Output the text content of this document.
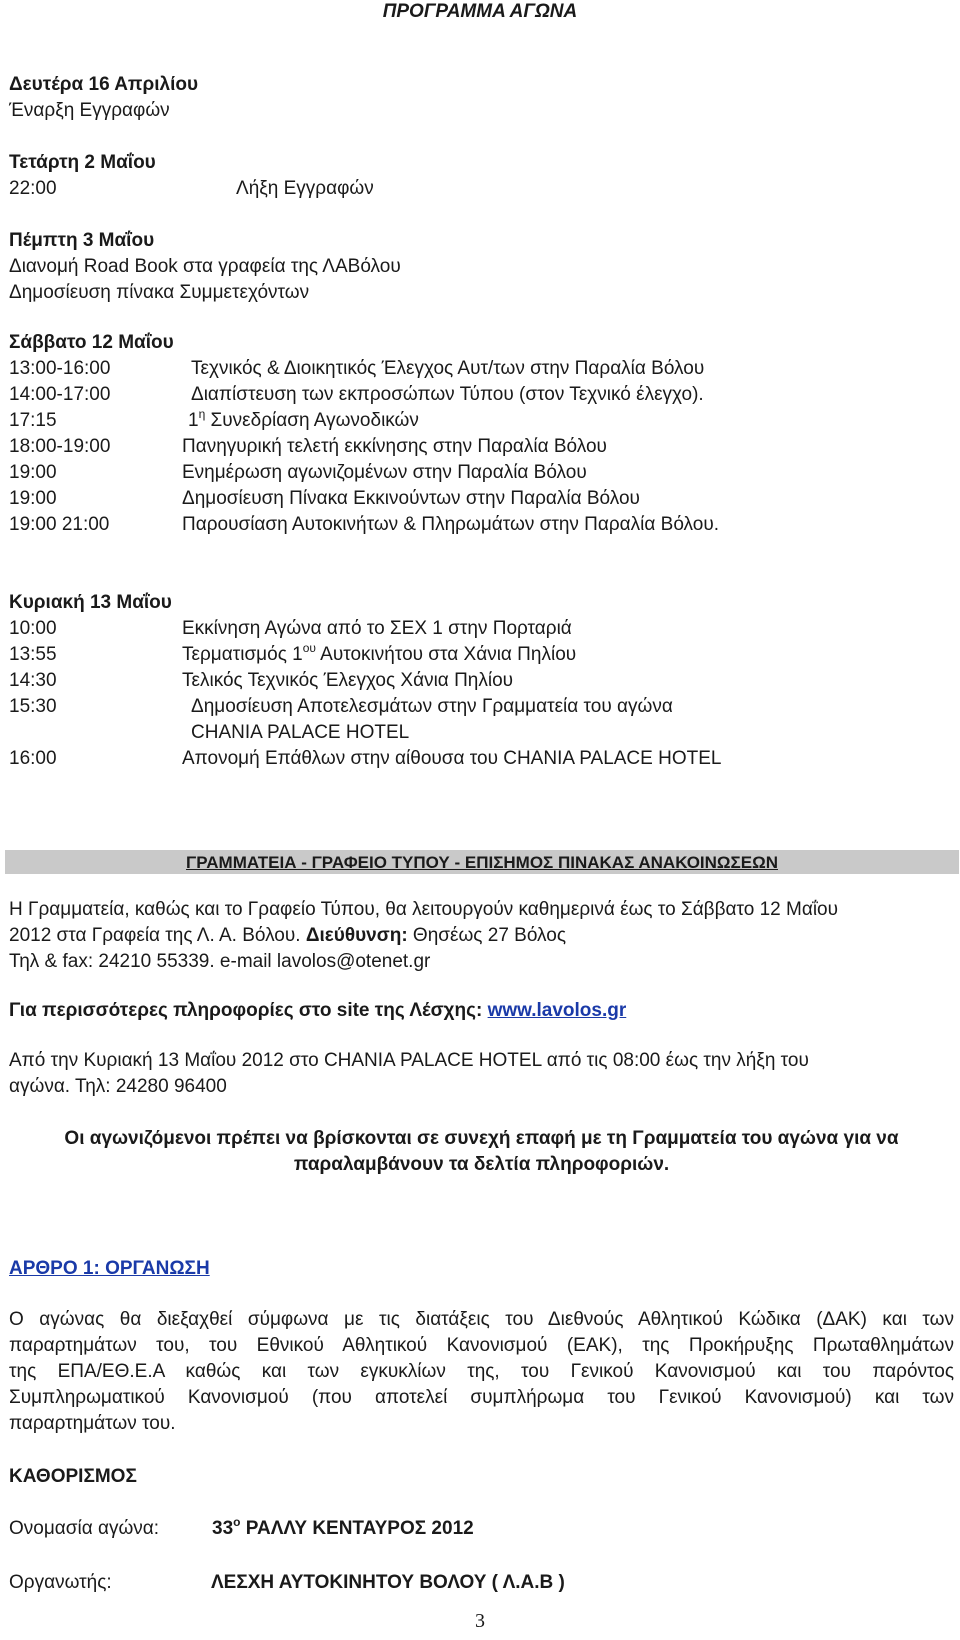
ΠΡΟΓΡΑΜΜΑ ΑΓΩΝΑ
Δευτέρα 16 Απριλίου
Έναρξη Εγγραφών
Τετάρτη 2 Μαΐου
22:00	Λήξη Εγγραφών
Πέμπτη 3 Μαΐου
Διανομή Road Book στα γραφεία της ΛΑΒόλου
Δημοσίευση πίνακα Συμμετεχόντων
Σάββατο 12 Μαΐου
13:00-16:00	Τεχνικός & Διοικητικός Έλεγχος Αυτ/των στην Παραλία Βόλου
14:00-17:00	Διαπίστευση των εκπροσώπων Τύπου (στον Τεχνικό έλεγχο).
17:15	$1^\eta$ Συνεδρίαση Αγωνοδικών
18:00-19:00	Πανηγυρική τελετή εκκίνησης στην Παραλία Βόλου
19:00	Ενημέρωση αγωνιζομένων στην Παραλία Βόλου
19:00	Δημοσίευση Πίνακα Εκκινούντων στην Παραλία Βόλου
19:00 21:00	Παρουσίαση Αυτοκινήτων & Πληρωμάτων στην Παραλία Βόλου.
Κυριακή 13 Μαΐου
10:00	Εκκίνηση Αγώνα από το ΣΕΧ 1 στην Πορταριά
13:55	Τερματισμός $1^{o\upsilon}$ Αυτοκινήτου στα Χάνια Πηλίου
14:30	Τελικός Τεχνικός Έλεγχος Χάνια Πηλίου
15:30	Δημοσίευση Αποτελεσμάτων στην Γραμματεία του αγώνα
CHANIA PALACE HOTEL
16:00	Απονομή Επάθλων στην αίθουσα του CHANIA PALACE HOTEL
ΓΡΑΜΜΑΤΕΙΑ - ΓΡΑΦΕΙΟ ΤΥΠΟΥ - ΕΠΙΣΗΜΟΣ ΠΙΝΑΚΑΣ ΑΝΑΚΟΙΝΩΣΕΩΝ
Η Γραμματεία, καθώς και το Γραφείο Τύπου, θα λειτουργούν καθημερινά έως το Σάββατο 12 Μαΐου
2012 στα Γραφεία της Λ. Α. Βόλου. Διεύθυνση: Θησέως 27 Βόλος
Τηλ & fax: 24210 55339. e-mail lavolos@otenet.gr
Για περισσότερες πληροφορίες στο site της Λέσχης: www.lavolos.gr
Από την Κυριακή 13 Μαΐου 2012 στο CHANIA PALACE HOTEL από τις 08:00 έως την λήξη του
αγώνα. Τηλ: 24280 96400
Οι αγωνιζόμενοι πρέπει να βρίσκονται σε συνεχή επαφή με τη Γραμματεία του αγώνα για να
παραλαμβάνουν τα δελτία πληροφοριών.
ΑΡΘΡΟ 1: ΟΡΓΑΝΩΣΗ
Ο αγώνας θα διεξαχθεί σύμφωνα με τις διατάξεις του Διεθνούς Αθλητικού Κώδικα (ΔΑΚ) και των
παραρτημάτων του, του Εθνικού Αθλητικού Κανονισμού (ΕΑΚ), της Προκήρυξης Πρωταθλημάτων
της ΕΠΑ/ΕΘ.Ε.Α καθώς και των εγκυκλίων της, του Γενικού Κανονισμού και του παρόντος
Συμπληρωματικού Κανονισμού (που αποτελεί συμπλήρωμα του Γενικού Κανονισμού) και των
παραρτημάτων του.
ΚΑΘΟΡΙΣΜΟΣ
Ονομασία αγώνα:	$33^o$ ΡΑΛΛΥ ΚΕΝΤΑΥΡΟΣ 2012
Οργανωτής:	ΛΕΣΧΗ ΑΥΤΟΚΙΝΗΤΟΥ ΒΟΛΟΥ ( Λ.Α.Β )
3
